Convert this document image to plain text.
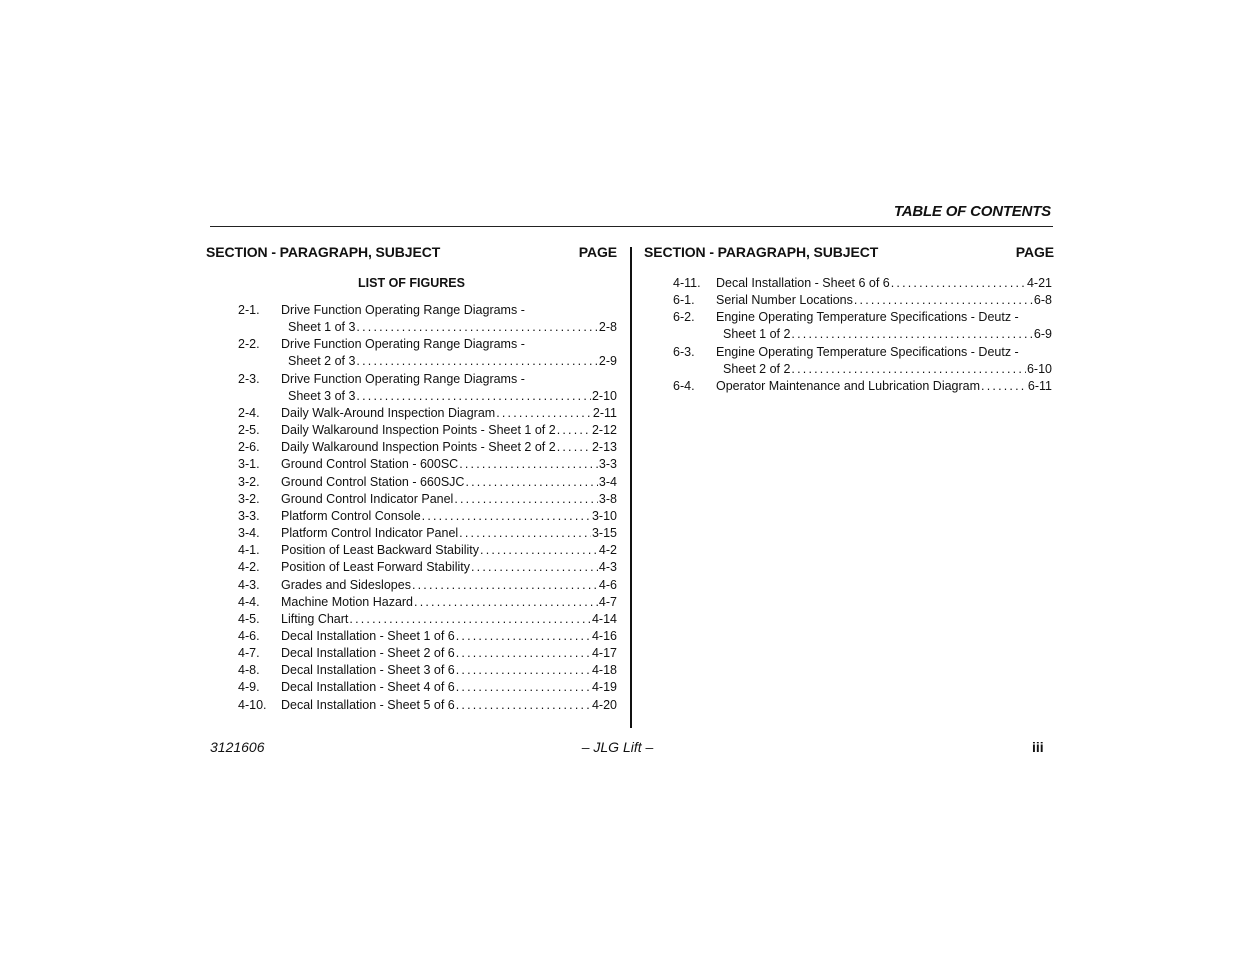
TABLE OF CONTENTS
SECTION - PARAGRAPH, SUBJECT	PAGE SECTION - PARAGRAPH, SUBJECT	PAGE
LIST OF FIGURES
2-1.	Drive Function Operating Range Diagrams -
Sheet 1 of 3 .....	2-8
2-2.	Drive Function Operating Range Diagrams -
Sheet 2 of 3 .....	2-9
2-3.	Drive Function Operating Range Diagrams -
Sheet 3 of 3 .....	2-10
2-4.	Daily Walk-Around Inspection Diagram .....	2-11
2-5.	Daily Walkaround Inspection Points - Sheet 1 of 2 .....	2-12
2-6.	Daily Walkaround Inspection Points - Sheet 2 of 2 .....	2-13
3-1.	Ground Control Station - 600SC .....	3-3
3-2.	Ground Control Station - 660SJC .....	3-4
3-2.	Ground Control Indicator Panel .....	3-8
3-3.	Platform Control Console .....	3-10
3-4.	Platform Control Indicator Panel .....	3-15
4-1.	Position of Least Backward Stability .....	4-2
4-2.	Position of Least Forward Stability .....	4-3
4-3.	Grades and Sideslopes .....	4-6
4-4.	Machine Motion Hazard .....	4-7
4-5.	Lifting Chart .....	4-14
4-6.	Decal Installation - Sheet 1 of 6 .....	4-16
4-7.	Decal Installation - Sheet 2 of 6 .....	4-17
4-8.	Decal Installation - Sheet 3 of 6 .....	4-18
4-9.	Decal Installation - Sheet 4 of 6 .....	4-19
4-10.	Decal Installation - Sheet 5 of 6 .....	4-20
4-11.	Decal Installation - Sheet 6 of 6 .....	4-21
6-1.	Serial Number Locations .....	6-8
6-2.	Engine Operating Temperature Specifications - Deutz -
Sheet 1 of 2 .....	6-9
6-3.	Engine Operating Temperature Specifications - Deutz -
Sheet 2 of 2 .....	6-10
6-4.	Operator Maintenance and Lubrication Diagram .....	6-11
3121606	– JLG Lift –	iii
